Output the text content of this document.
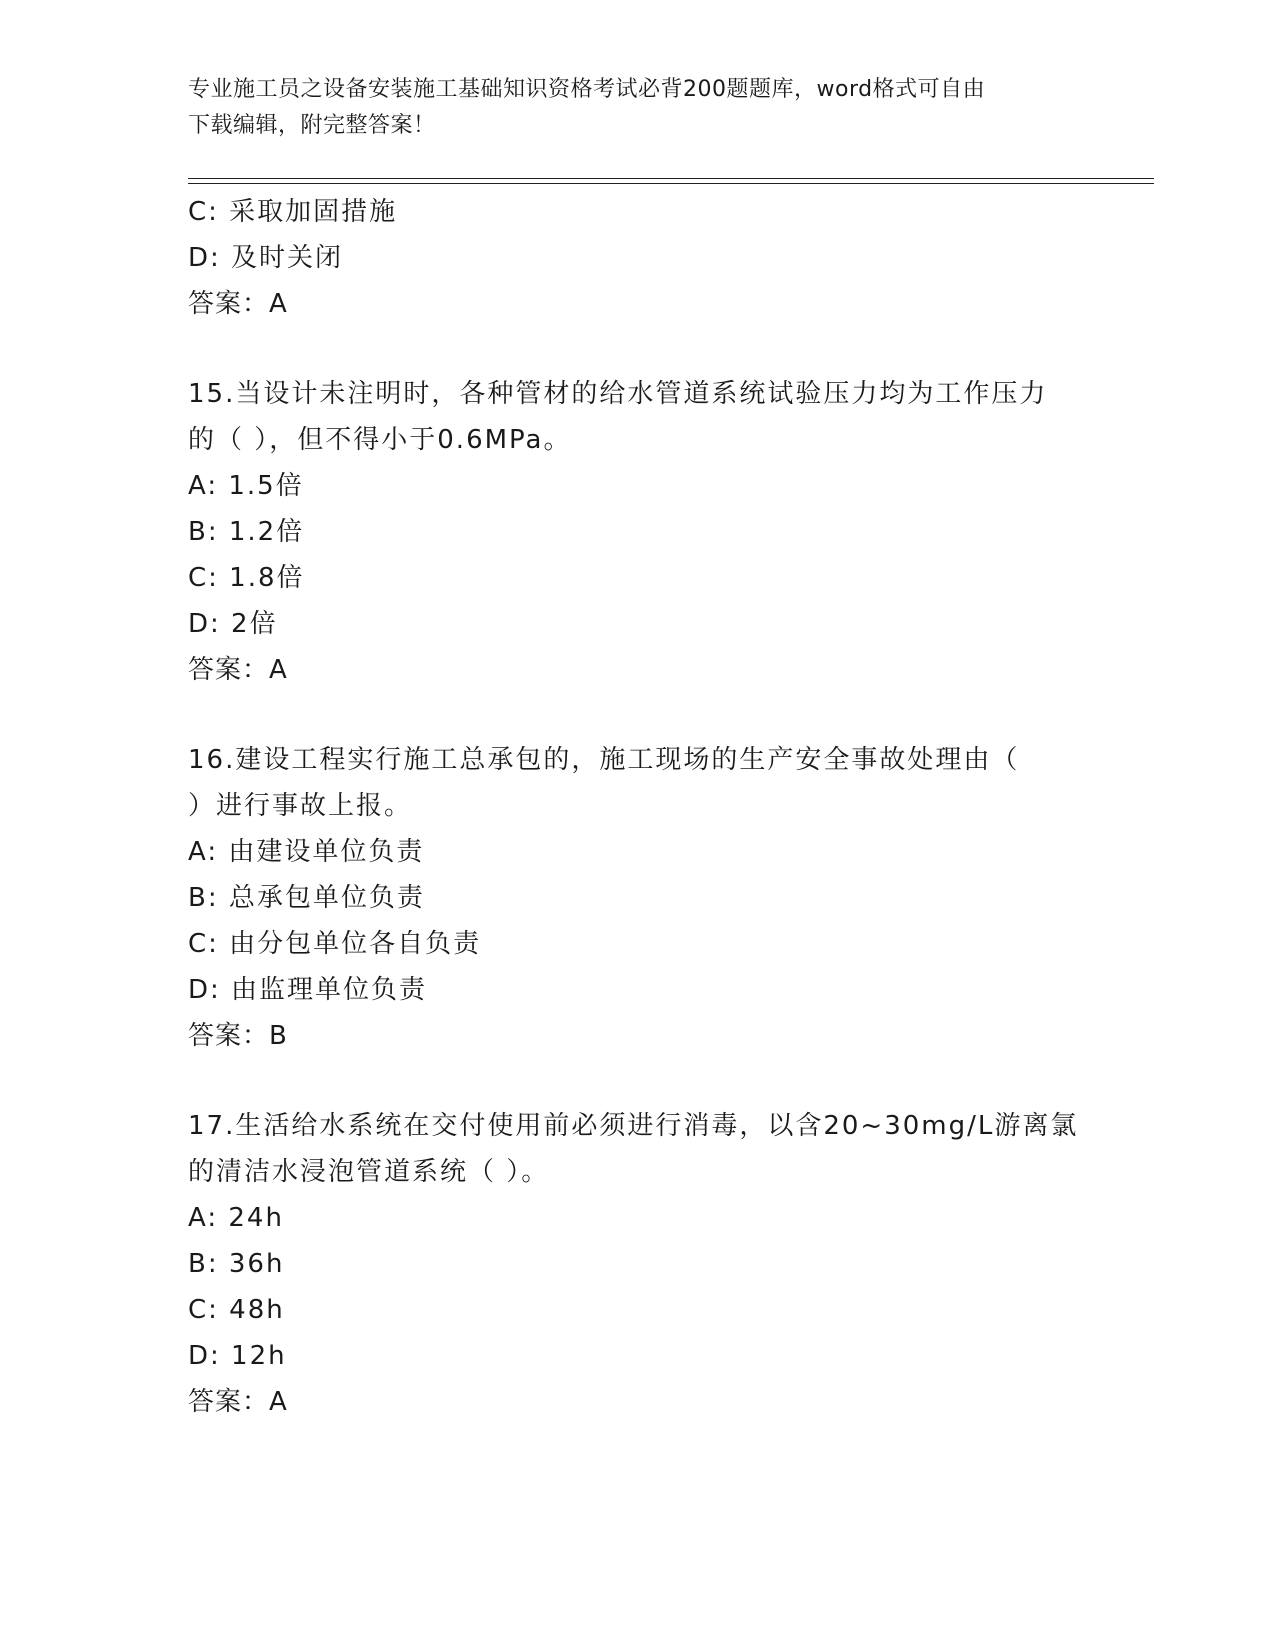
专业施工员之设备安装施工基础知识资格考试必背200题题库，word格式可自由
下载编辑，附完整答案！
C: 采取加固措施
D: 及时关闭
答案：A
15.当设计未注明时，各种管材的给水管道系统试验压力均为工作压力
的（ ），但不得小于0.6MPa。
A: 1.5倍
B: 1.2倍
C: 1.8倍
D: 2倍
答案：A
16.建设工程实行施工总承包的，施工现场的生产安全事故处理由（
）进行事故上报。
A: 由建设单位负责
B: 总承包单位负责
C: 由分包单位各自负责
D: 由监理单位负责
答案：B
17.生活给水系统在交付使用前必须进行消毒，以含20~30mg/L游离氯
的清洁水浸泡管道系统（ ）。
A: 24h
B: 36h
C: 48h
D: 12h
答案：A
